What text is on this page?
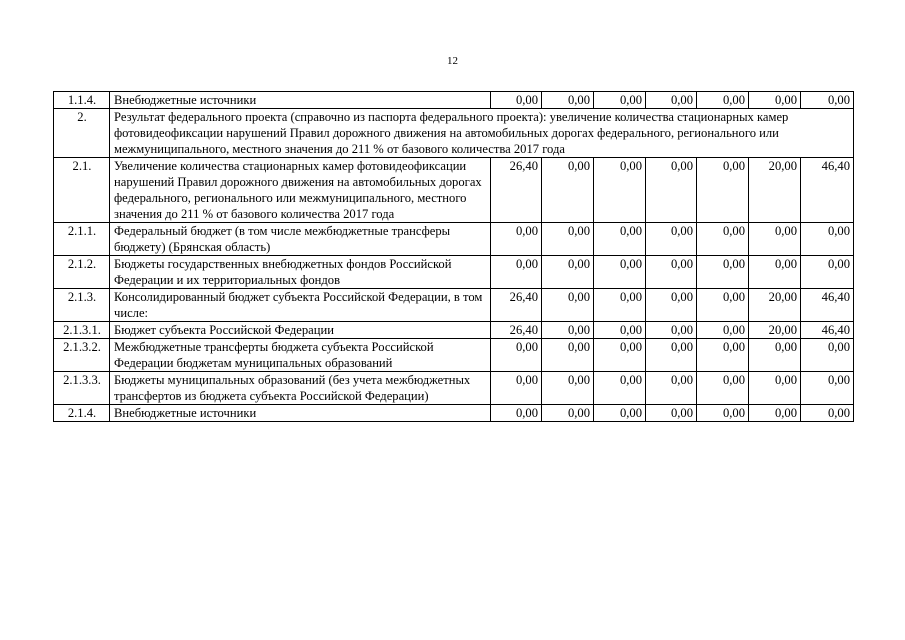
12
1.1.4.	Внебюджетные источники	0,00	0,00	0,00	0,00	0,00	0,00	0,00
2.	Результат федерального проекта (справочно из паспорта федерального проекта): увеличение количества стационарных камер фотовидеофиксации нарушений Правил дорожного движения на автомобильных дорогах федерального, регионального или межмуниципального, местного значения до 211 % от базового количества 2017 года							
2.1.	Увеличение количества стационарных камер фотовидеофиксации нарушений Правил дорожного движения на автомобильных дорогах федерального, регионального или межмуниципального, местного значения до 211 % от базового количества 2017 года	26,40	0,00	0,00	0,00	0,00	20,00	46,40
2.1.1.	Федеральный бюджет (в том числе межбюджетные трансферы бюджету) (Брянская область)	0,00	0,00	0,00	0,00	0,00	0,00	0,00
2.1.2.	Бюджеты государственных внебюджетных фондов Российской Федерации и их территориальных фондов	0,00	0,00	0,00	0,00	0,00	0,00	0,00
2.1.3.	Консолидированный бюджет субъекта Российской Федерации, в том числе:	26,40	0,00	0,00	0,00	0,00	20,00	46,40
2.1.3.1.	Бюджет субъекта Российской Федерации	26,40	0,00	0,00	0,00	0,00	20,00	46,40
2.1.3.2.	Межбюджетные трансферты бюджета субъекта Российской Федерации бюджетам муниципальных образований	0,00	0,00	0,00	0,00	0,00	0,00	0,00
2.1.3.3.	Бюджеты муниципальных образований (без учета межбюджетных трансфертов из бюджета субъекта Российской Федерации)	0,00	0,00	0,00	0,00	0,00	0,00	0,00
2.1.4.	Внебюджетные источники	0,00	0,00	0,00	0,00	0,00	0,00	0,00
